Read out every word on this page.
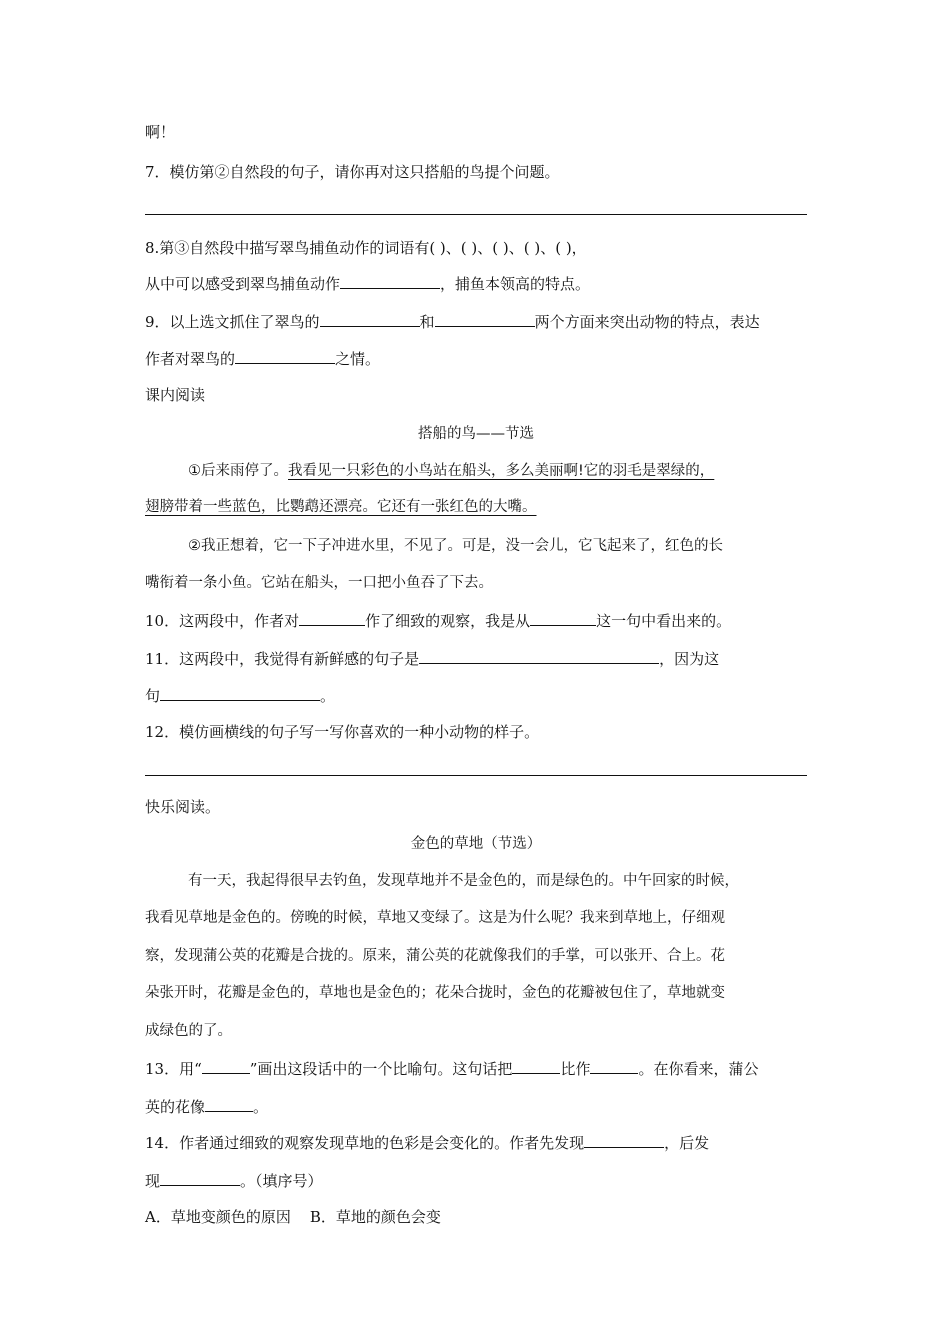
啊！
7．模仿第②自然段的句子，请你再对这只搭船的鸟提个问题。
8.第③自然段中描写翠鸟捕鱼动作的词语有( )、( )、( )、( )、( )，
从中可以感受到翠鸟捕鱼动作	，捕鱼本领高的特点。
9．以上选文抓住了翠鸟的	和	两个方面来突出动物的特点，表达
作者对翠鸟的	之情。
课内阅读
搭船的鸟——节选
①后来雨停了。我看见一只彩色的小鸟站在船头，多么美丽啊!它的羽毛是翠绿的，
翅膀带着一些蓝色，比鹦鹉还漂亮。它还有一张红色的大嘴。
②我正想着，它一下子冲进水里，不见了。可是，没一会儿，它飞起来了，红色的长
嘴衔着一条小鱼。它站在船头，一口把小鱼吞了下去。
10．这两段中，作者对	作了细致的观察，我是从	这一句中看出来的。
11．这两段中，我觉得有新鲜感的句子是	，因为这
句	。
12．模仿画横线的句子写一写你喜欢的一种小动物的样子。
快乐阅读。
金色的草地（节选）
有一天，我起得很早去钓鱼，发现草地并不是金色的，而是绿色的。中午回家的时候，
我看见草地是金色的。傍晚的时候，草地又变绿了。这是为什么呢？我来到草地上，仔细观
察，发现蒲公英的花瓣是合拢的。原来，蒲公英的花就像我们的手掌，可以张开、合上。花
朵张开时，花瓣是金色的，草地也是金色的；花朵合拢时，金色的花瓣被包住了，草地就变
成绿色的了。
13．用“	”画出这段话中的一个比喻句。这句话把	比作	。在你看来，蒲公
英的花像	。
14．作者通过细致的观察发现草地的色彩是会变化的。作者先发现	，后发
现	。（填序号）
A．草地变颜色的原因    B．草地的颜色会变
